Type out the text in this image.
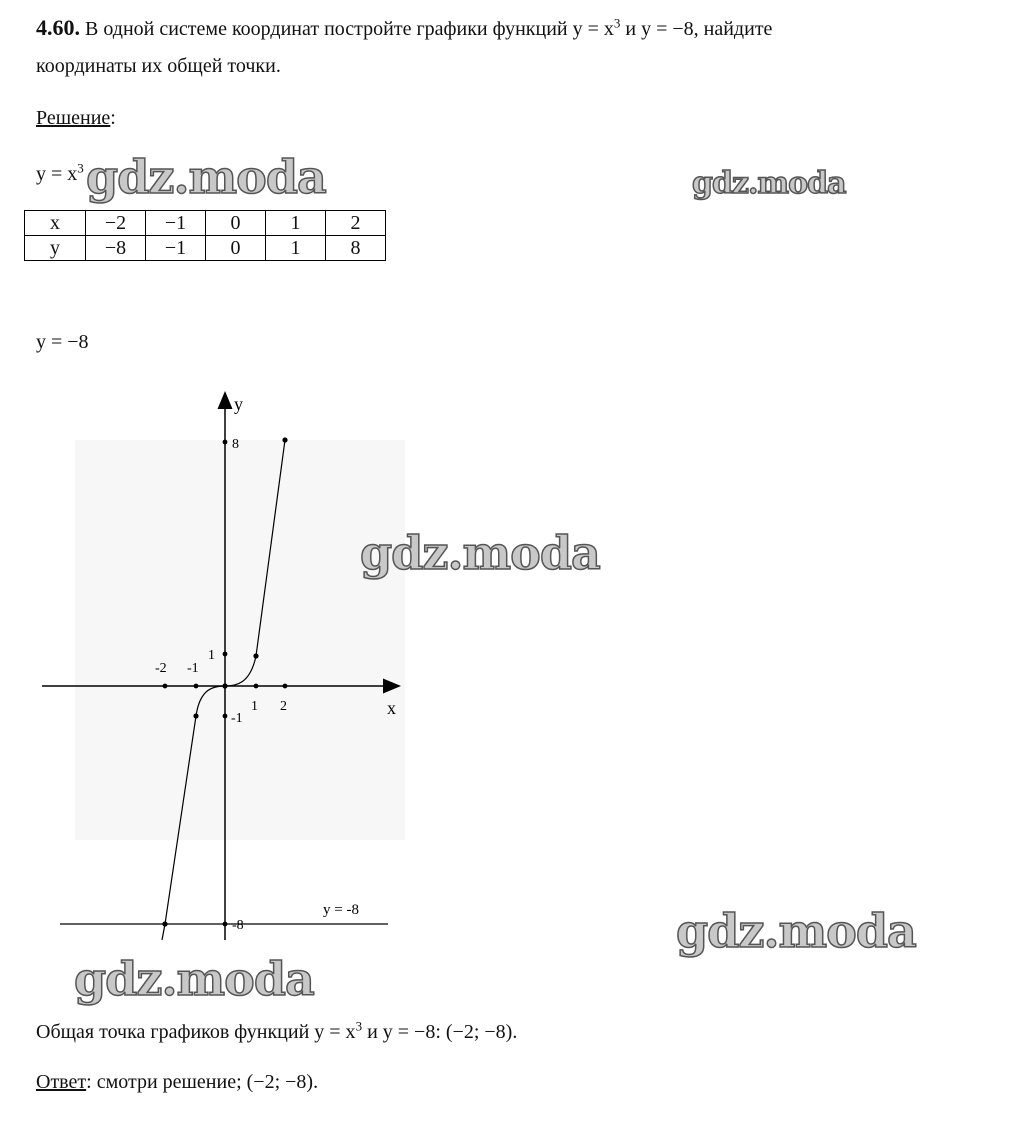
4.60. В одной системе координат постройте графики функций $y = x^3$ и y = −8, найдите
координаты их общей точки.
Решение:
$y = x^3$
x	−2	−1	0	1	2
y	−8	−1	0	1	8
y = −8
x
y
y = -8
-2 -1
1 2
8
1
-1
-8
gdz.moda	gdz.moda
gdz.moda
gdz.moda
gdz.moda
Общая точка графиков функций $y = x^3$ и y = −8: (−2; −8).
Ответ: смотри решение; (−2; −8).
